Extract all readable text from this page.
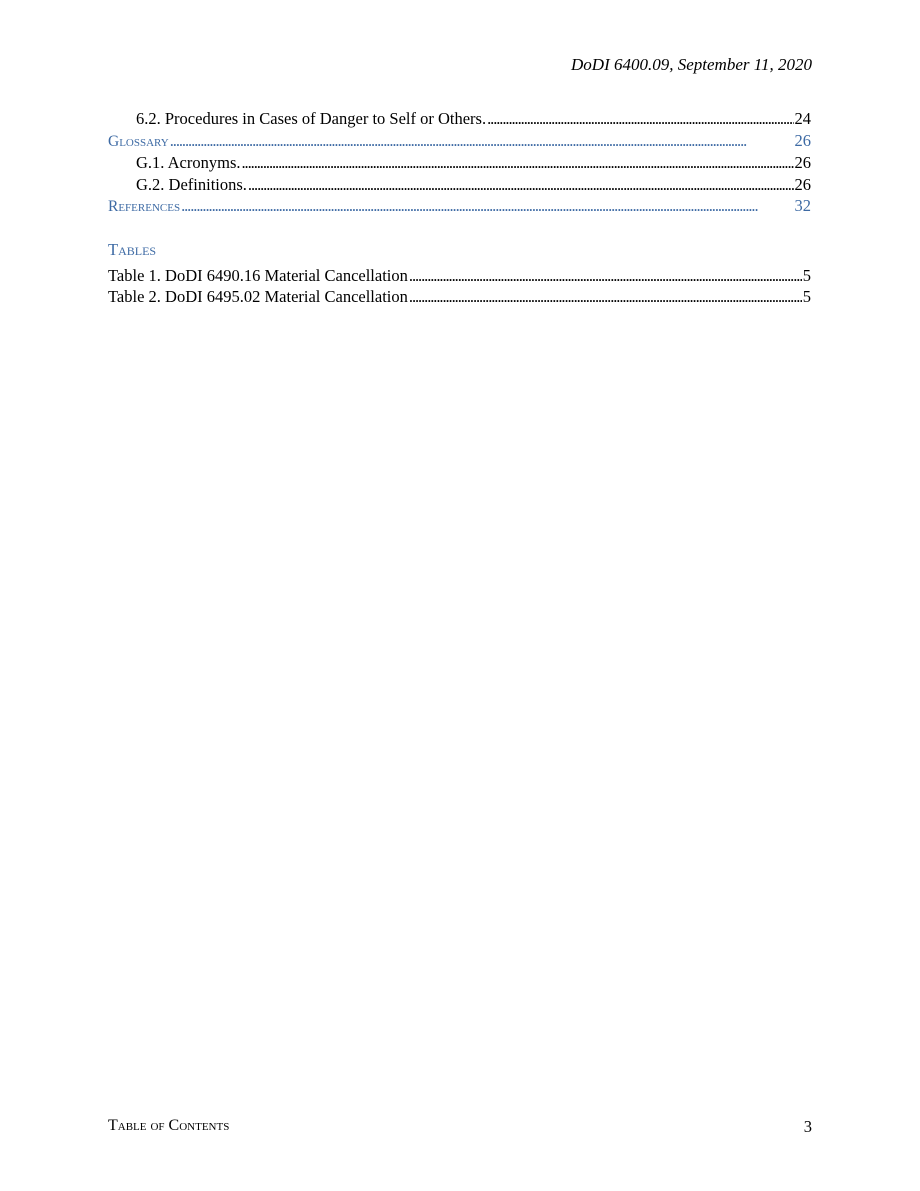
DoDI 6400.09, September 11, 2020
6.2. Procedures in Cases of Danger to Self or Others. . . .	24
Glossary . . .	26
G.1. Acronyms. . . .	26
G.2. Definitions. . . .	26
References . . .	32
Tables
Table 1. DoDI 6490.16 Material Cancellation . . .	5
Table 2. DoDI 6495.02 Material Cancellation . . .	5
Table of Contents	3
